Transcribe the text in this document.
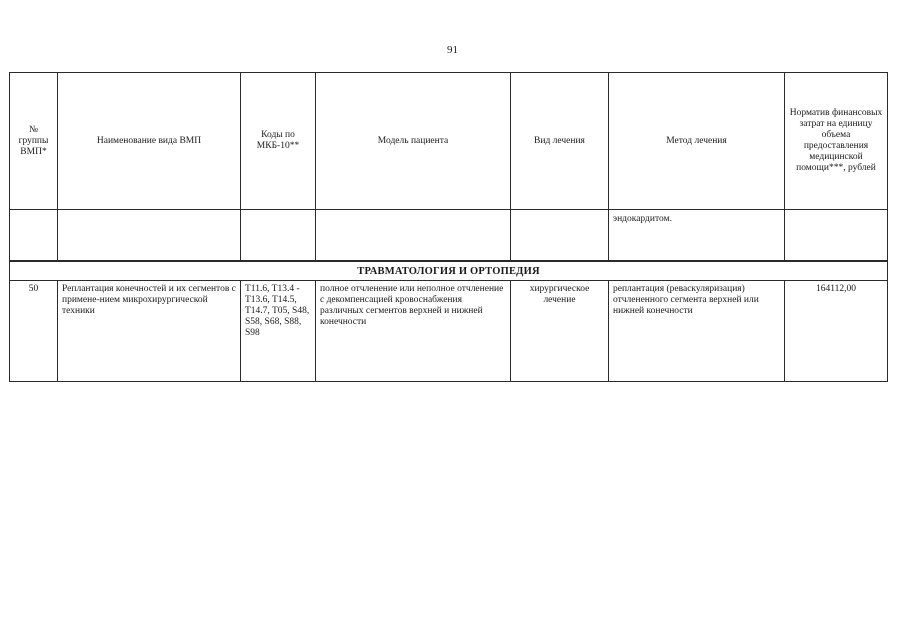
91
№ группы ВМП*	Наименование вида ВМП	Коды по МКБ-10**	Модель пациента	Вид лечения	Метод лечения	Норматив финансовых затрат на единицу объема предоставления медицинской помощи***, рублей
					эндокардитом.	
ТРАВМАТОЛОГИЯ И ОРТОПЕДИЯ						
50	Реплантация конечностей и их сегментов с примене-нием микрохирургической техники	T11.6, T13.4 - T13.6, T14.5, T14.7, T05, S48, S58, S68, S88, S98	полное отчленение или неполное отчленение с декомпенсацией кровоснабжения различных сегментов верхней и нижней конечности	хирургическое лечение	реплантация (реваскуляризация) отчлененного сегмента верхней или нижней конечности	164112,00
